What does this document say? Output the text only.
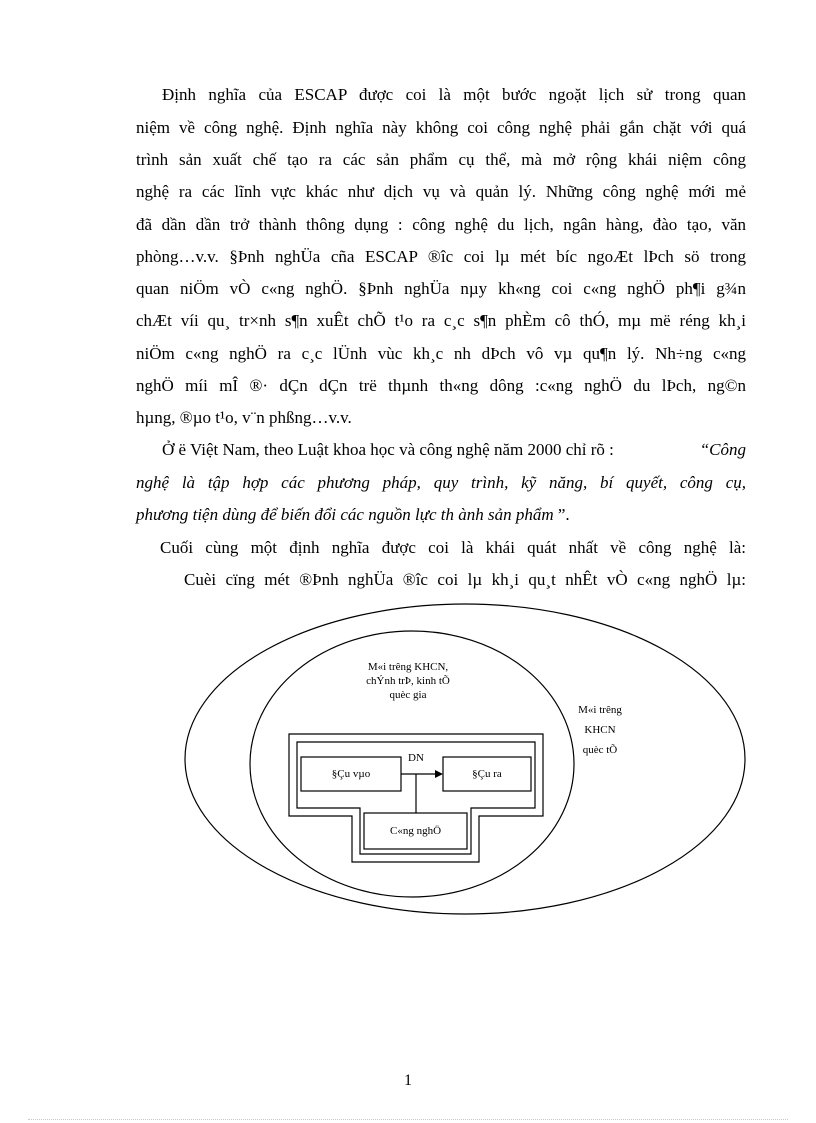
Định nghĩa của ESCAP được coi là một bước ngoặt lịch sử trong quan
niệm về công nghệ. Định nghĩa này không coi công nghệ phải gắn chặt với quá
trình sản xuất chế tạo ra các sản phẩm cụ thể, mà mở rộng khái niệm công
nghệ ra các lĩnh vực khác như dịch vụ và quản lý. Những công nghệ mới mẻ
đã dần dần trở thành thông dụng : công nghệ du lịch, ngân hàng, đào tạo, văn
phòng…v.v. §Þnh nghÜa cña ESCAP ®îc coi lµ mét bíc ngoÆt lÞch sö trong
quan niÖm vÒ c«ng nghÖ. §Þnh nghÜa nµy kh«ng coi c«ng nghÖ ph¶i g¾n
chÆt víi qu¸ tr×nh s¶n xuÊt chÕ t¹o ra c¸c s¶n phÈm cô thÓ, mµ më réng kh¸i
niÖm c«ng nghÖ ra c¸c lÜnh vùc kh¸c nh dÞch vô vµ qu¶n lý. Nh÷ng c«ng
nghÖ míi mÎ ®· dÇn dÇn trë thµnh th«ng dông :c«ng nghÖ du lÞch, ng©n
hµng, ®µo t¹o, v¨n phßng…v.v.
Ở ë Việt Nam, theo Luật khoa học và công nghệ năm 2000 chỉ rõ :	“Công
nghệ là tập hợp các phương pháp, quy trình, kỹ năng, bí quyết, công cụ,
phương tiện dùng để biến đổi các nguồn lực th ành sản phẩm ”.
Cuối cùng một định nghĩa được coi là khái quát nhất về công nghệ là:
Cuèi cïng mét ®Þnh nghÜa ®îc coi lµ kh¸i qu¸t nhÊt vÒ c«ng nghÖ lµ:
M«i trêng KHCN,
chÝnh trÞ, kinh tÕ
quèc gia
M«i trêng
KHCN
quèc tÕ
DN
§Çu vµo	§Çu ra
C«ng nghÖ
1
